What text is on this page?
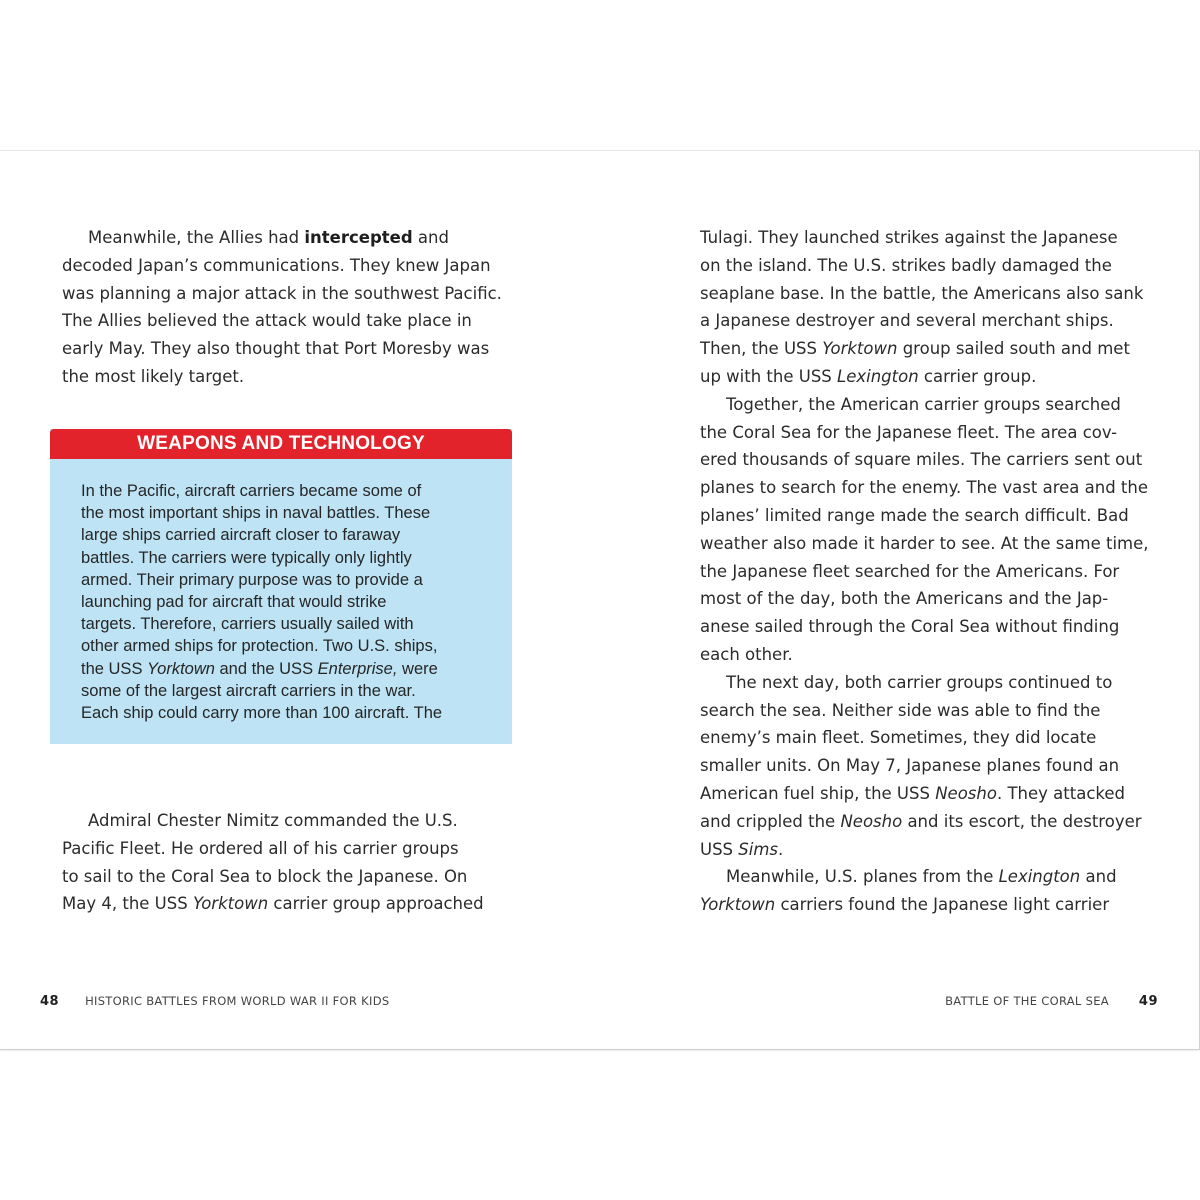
Meanwhile, the Allies had intercepted and
decoded Japan’s communications. They knew Japan
was planning a major attack in the southwest Pacific.
The Allies believed the attack would take place in
early May. They also thought that Port Moresby was
the most likely target.
WEAPONS AND TECHNOLOGY
In the Pacific, aircraft carriers became some of
the most important ships in naval battles. These
large ships carried aircraft closer to faraway
battles. The carriers were typically only lightly
armed. Their primary purpose was to provide a
launching pad for aircraft that would strike
targets. Therefore, carriers usually sailed with
other armed ships for protection. Two U.S. ships,
the USS Yorktown and the USS Enterprise, were
some of the largest aircraft carriers in the war.
Each ship could carry more than 100 aircraft. The
Admiral Chester Nimitz commanded the U.S.
Pacific Fleet. He ordered all of his carrier groups
to sail to the Coral Sea to block the Japanese. On
May 4, the USS Yorktown carrier group approached
48 HISTORIC BATTLES FROM WORLD WAR II FOR KIDS
Tulagi. They launched strikes against the Japanese
on the island. The U.S. strikes badly damaged the
seaplane base. In the battle, the Americans also sank
a Japanese destroyer and several merchant ships.
Then, the USS Yorktown group sailed south and met
up with the USS Lexington carrier group.
Together, the American carrier groups searched
the Coral Sea for the Japanese fleet. The area cov-
ered thousands of square miles. The carriers sent out
planes to search for the enemy. The vast area and the
planes’ limited range made the search difficult. Bad
weather also made it harder to see. At the same time,
the Japanese fleet searched for the Americans. For
most of the day, both the Americans and the Jap-
anese sailed through the Coral Sea without finding
each other.
The next day, both carrier groups continued to
search the sea. Neither side was able to find the
enemy’s main fleet. Sometimes, they did locate
smaller units. On May 7, Japanese planes found an
American fuel ship, the USS Neosho. They attacked
and crippled the Neosho and its escort, the destroyer
USS Sims.
Meanwhile, U.S. planes from the Lexington and
Yorktown carriers found the Japanese light carrier
BATTLE OF THE CORAL SEA 49
